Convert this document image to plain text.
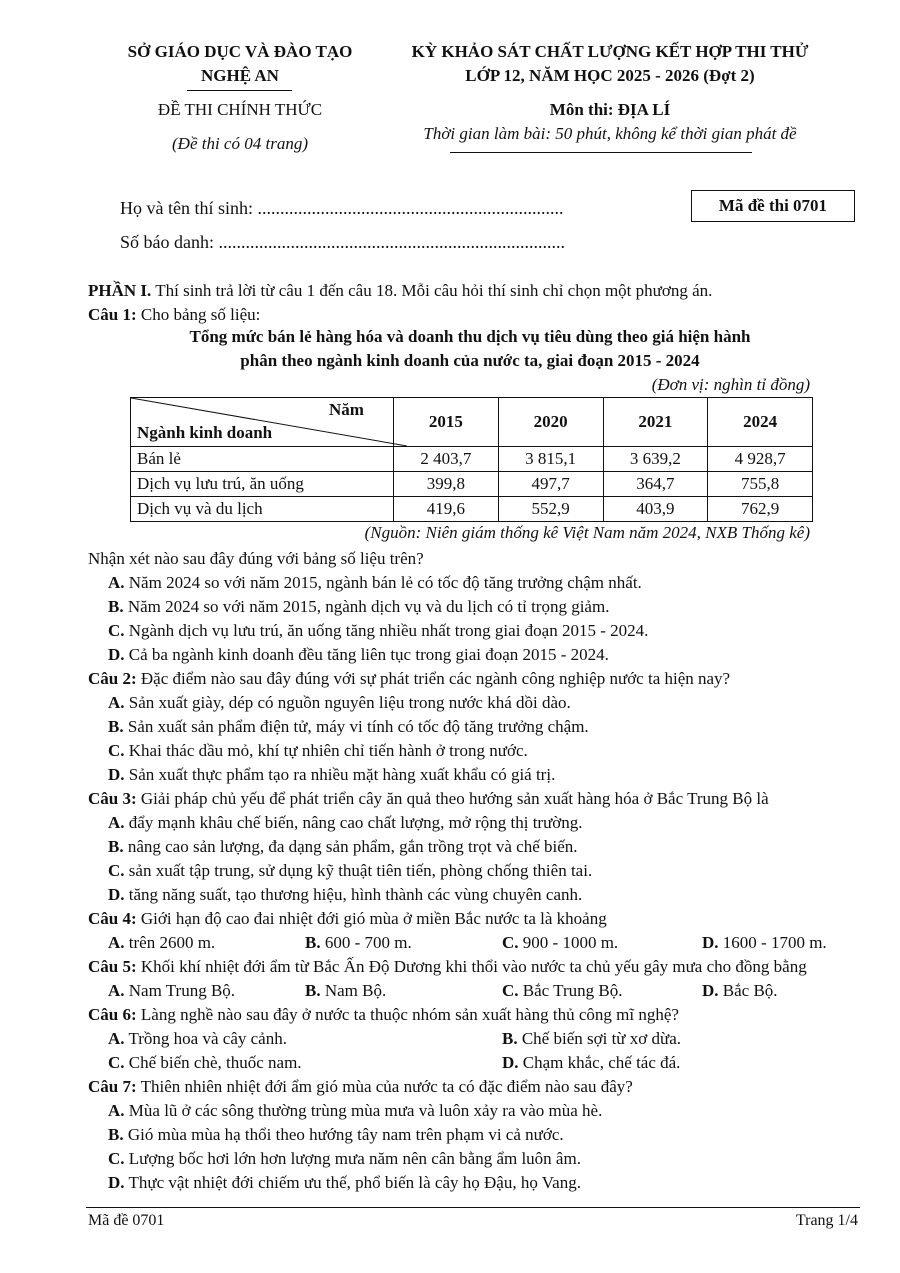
SỞ GIÁO DỤC VÀ ĐÀO TẠO
NGHỆ AN
ĐỀ THI CHÍNH THỨC
(Đề thi có 04 trang)
KỲ KHẢO SÁT CHẤT LƯỢNG KẾT HỢP THI THỬ
LỚP 12, NĂM HỌC 2025 - 2026 (Đợt 2)
Môn thi: ĐỊA LÍ
Thời gian làm bài: 50 phút, không kể thời gian phát đề
Họ và tên thí sinh: ....................................................................
Số báo danh: .............................................................................
Mã đề thi 0701
PHẦN I. Thí sinh trả lời từ câu 1 đến câu 18. Mỗi câu hỏi thí sinh chỉ chọn một phương án.
Câu 1: Cho bảng số liệu:
Tổng mức bán lẻ hàng hóa và doanh thu dịch vụ tiêu dùng theo giá hiện hành
phân theo ngành kinh doanh của nước ta, giai đoạn 2015 - 2024
(Đơn vị: nghìn tỉ đồng)
Năm
Ngành kinh doanh	2015	2020	2021	2024
Bán lẻ	2 403,7	3 815,1	3 639,2	4 928,7
Dịch vụ lưu trú, ăn uống	399,8	497,7	364,7	755,8
Dịch vụ và du lịch	419,6	552,9	403,9	762,9
(Nguồn: Niên giám thống kê Việt Nam năm 2024, NXB Thống kê)
Nhận xét nào sau đây đúng với bảng số liệu trên?
A. Năm 2024 so với năm 2015, ngành bán lẻ có tốc độ tăng trưởng chậm nhất.
B. Năm 2024 so với năm 2015, ngành dịch vụ và du lịch có tỉ trọng giảm.
C. Ngành dịch vụ lưu trú, ăn uống tăng nhiều nhất trong giai đoạn 2015 - 2024.
D. Cả ba ngành kinh doanh đều tăng liên tục trong giai đoạn 2015 - 2024.
Câu 2: Đặc điểm nào sau đây đúng với sự phát triển các ngành công nghiệp nước ta hiện nay?
A. Sản xuất giày, dép có nguồn nguyên liệu trong nước khá dồi dào.
B. Sản xuất sản phẩm điện tử, máy vi tính có tốc độ tăng trưởng chậm.
C. Khai thác dầu mỏ, khí tự nhiên chỉ tiến hành ở trong nước.
D. Sản xuất thực phẩm tạo ra nhiều mặt hàng xuất khẩu có giá trị.
Câu 3: Giải pháp chủ yếu để phát triển cây ăn quả theo hướng sản xuất hàng hóa ở Bắc Trung Bộ là
A. đẩy mạnh khâu chế biến, nâng cao chất lượng, mở rộng thị trường.
B. nâng cao sản lượng, đa dạng sản phẩm, gắn trồng trọt và chế biến.
C. sản xuất tập trung, sử dụng kỹ thuật tiên tiến, phòng chống thiên tai.
D. tăng năng suất, tạo thương hiệu, hình thành các vùng chuyên canh.
Câu 4: Giới hạn độ cao đai nhiệt đới gió mùa ở miền Bắc nước ta là khoảng
A. trên 2600 m.	B. 600 - 700 m.	C. 900 - 1000 m.	D. 1600 - 1700 m.
Câu 5: Khối khí nhiệt đới ẩm từ Bắc Ấn Độ Dương khi thổi vào nước ta chủ yếu gây mưa cho đồng bằng
A. Nam Trung Bộ.	B. Nam Bộ.	C. Bắc Trung Bộ.	D. Bắc Bộ.
Câu 6: Làng nghề nào sau đây ở nước ta thuộc nhóm sản xuất hàng thủ công mĩ nghệ?
A. Trồng hoa và cây cảnh.	B. Chế biến sợi từ xơ dừa.
C. Chế biến chè, thuốc nam.	D. Chạm khắc, chế tác đá.
Câu 7: Thiên nhiên nhiệt đới ẩm gió mùa của nước ta có đặc điểm nào sau đây?
A. Mùa lũ ở các sông thường trùng mùa mưa và luôn xảy ra vào mùa hè.
B. Gió mùa mùa hạ thổi theo hướng tây nam trên phạm vi cả nước.
C. Lượng bốc hơi lớn hơn lượng mưa năm nên cân bằng ẩm luôn âm.
D. Thực vật nhiệt đới chiếm ưu thế, phổ biến là cây họ Đậu, họ Vang.
Mã đề 0701	Trang 1/4
